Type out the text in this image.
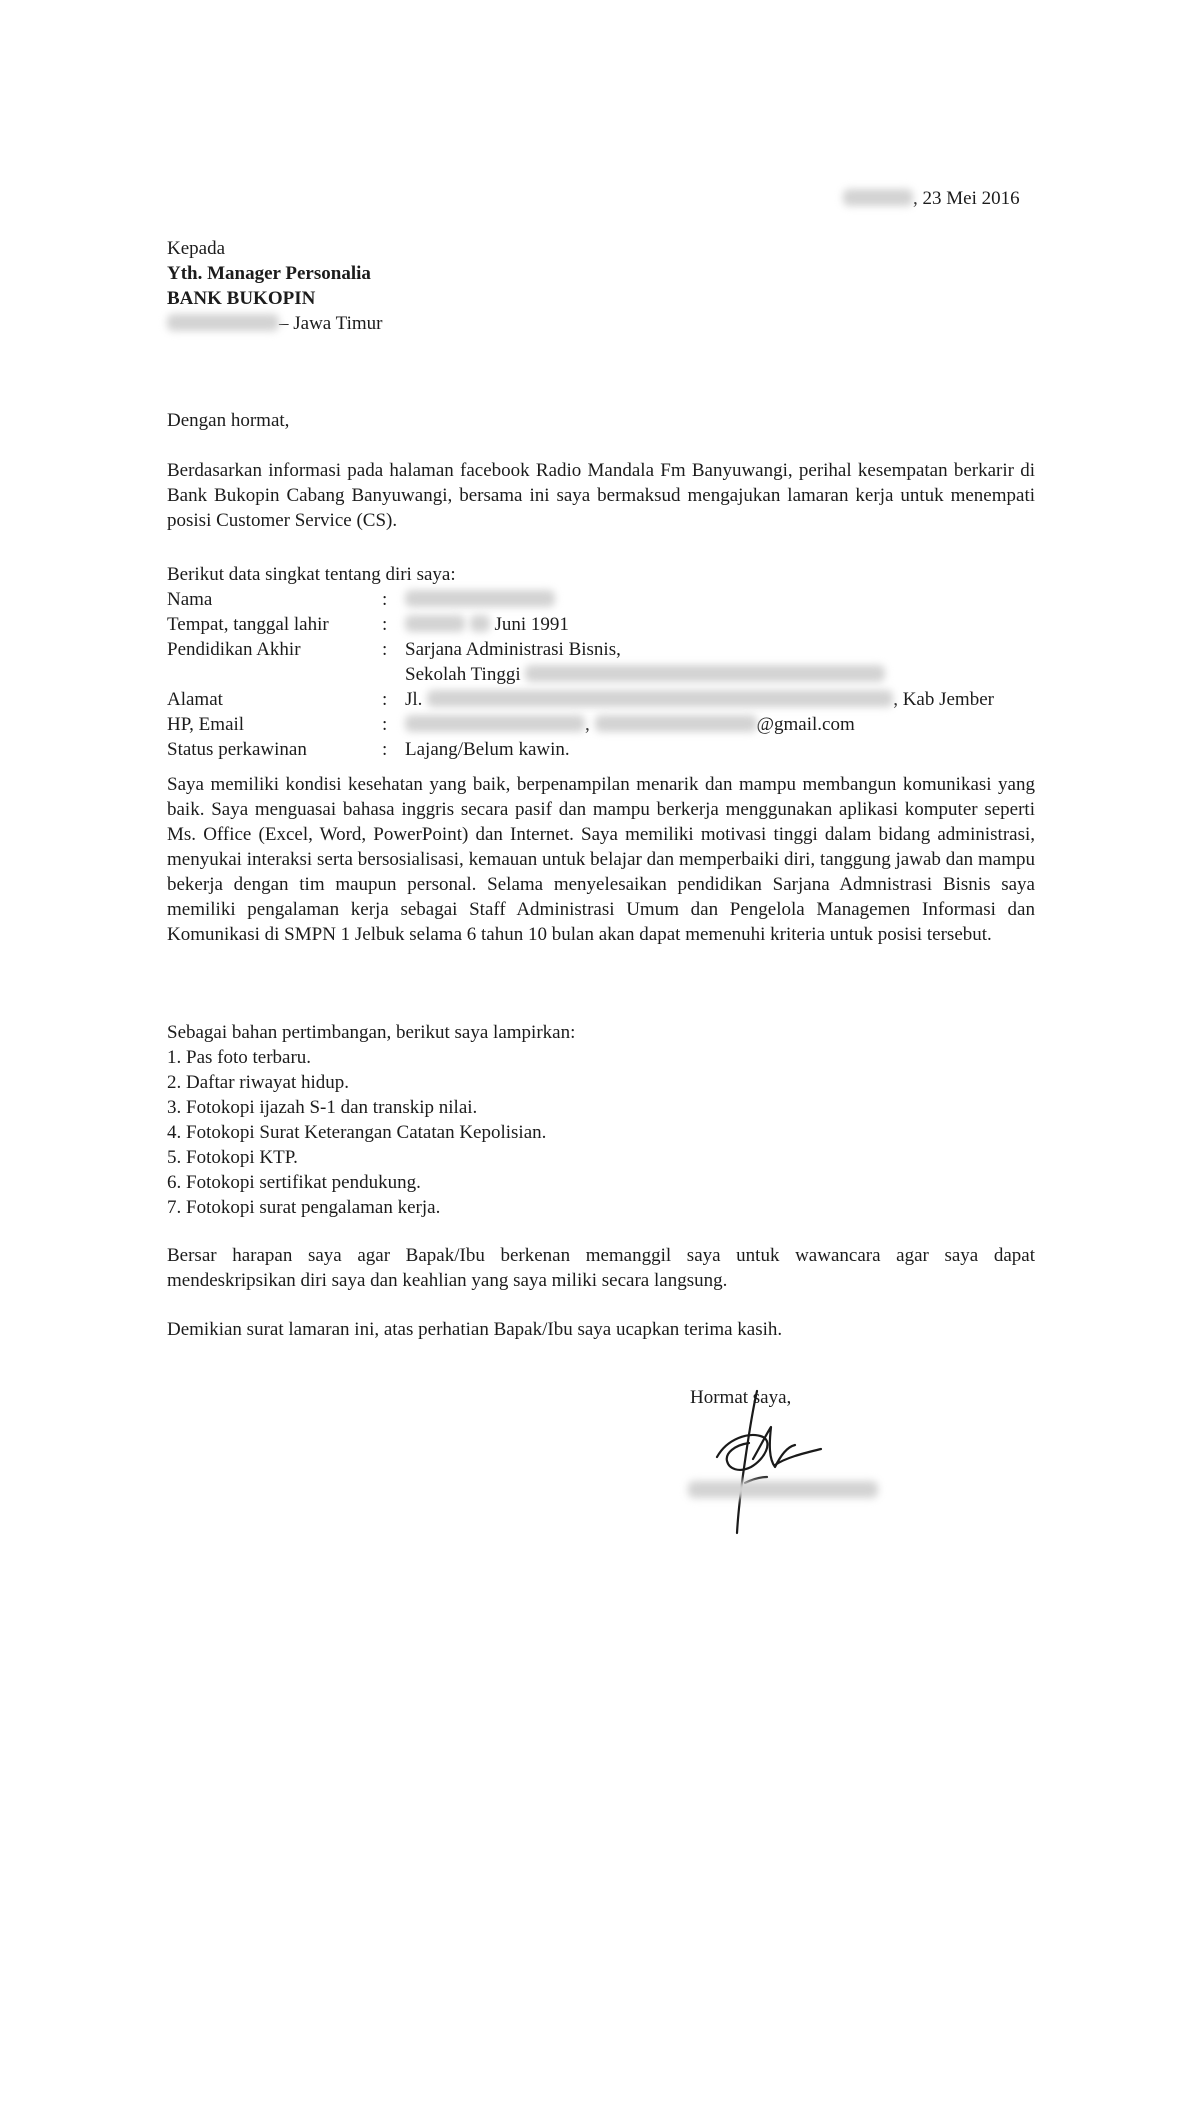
, 23 Mei 2016
Kepada
Yth. Manager Personalia
BANK BUKOPIN
– Jawa Timur
Dengan hormat,

Berdasarkan informasi pada halaman facebook Radio Mandala Fm Banyuwangi, perihal kesempatan berkarir di Bank Bukopin Cabang Banyuwangi, bersama ini saya bermaksud mengajukan lamaran kerja untuk menempati posisi Customer Service (CS).

Berikut data singkat tentang diri saya:
Nama	:
Tempat, tanggal lahir	:	Juni 1991
Pendidikan Akhir	: Sarjana Administrasi Bisnis,
Sekolah Tinggi
Alamat	: Jl.	, Kab Jember
HP, Email	:	,	@gmail.com
Status perkawinan	: Lajang/Belum kawin.

Saya memiliki kondisi kesehatan yang baik, berpenampilan menarik dan mampu membangun komunikasi yang baik. Saya menguasai bahasa inggris secara pasif dan mampu berkerja menggunakan aplikasi komputer seperti Ms. Office (Excel, Word, PowerPoint) dan Internet. Saya memiliki motivasi tinggi dalam bidang administrasi, menyukai interaksi serta bersosialisasi, kemauan untuk belajar dan memperbaiki diri, tanggung jawab dan mampu bekerja dengan tim maupun personal. Selama menyelesaikan pendidikan Sarjana Admnistrasi Bisnis saya memiliki pengalaman kerja sebagai Staff Administrasi Umum dan Pengelola Managemen Informasi dan Komunikasi di SMPN 1 Jelbuk selama 6 tahun 10 bulan akan dapat memenuhi kriteria untuk posisi tersebut.

Sebagai bahan pertimbangan, berikut saya lampirkan:
1. Pas foto terbaru.
2. Daftar riwayat hidup.
3. Fotokopi ijazah S-1 dan transkip nilai.
4. Fotokopi Surat Keterangan Catatan Kepolisian.
5. Fotokopi KTP.
6. Fotokopi sertifikat pendukung.
7. Fotokopi surat pengalaman kerja.

Bersar harapan saya agar Bapak/Ibu berkenan memanggil saya untuk wawancara agar saya dapat mendeskripsikan diri saya dan keahlian yang saya miliki secara langsung.

Demikian surat lamaran ini, atas perhatian Bapak/Ibu saya ucapkan terima kasih.

Hormat saya,
